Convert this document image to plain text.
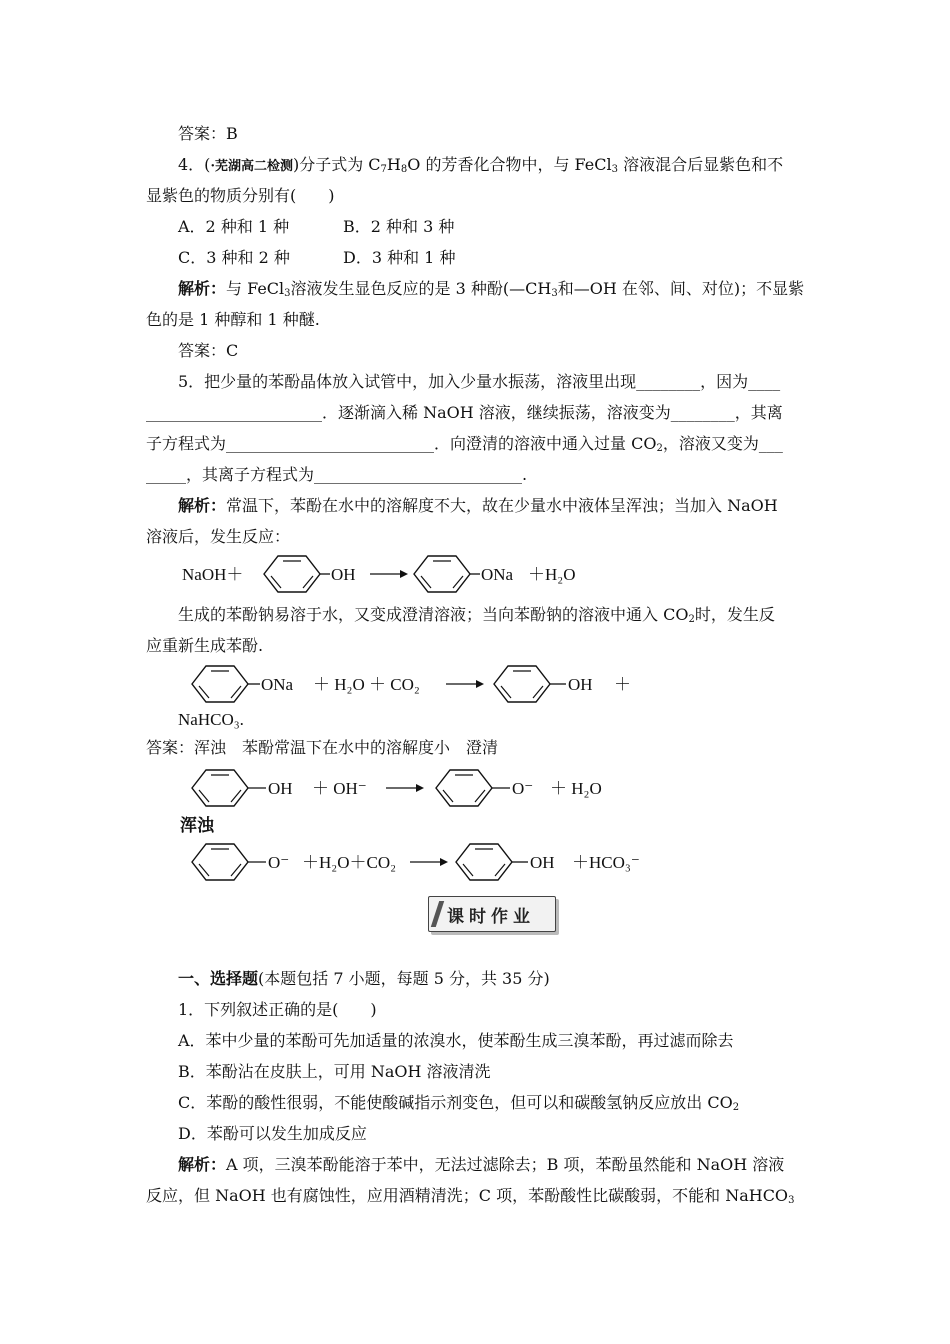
答案：B
4．(·芜湖高二检测)分子式为 $C_7H_8O$ 的芳香化合物中，与 FeCl$_3$ 溶液混合后显紫色和不
显紫色的物质分别有(　　)
A．2 种和 1 种	B．2 种和 3 种
C．3 种和 2 种	D．3 种和 1 种
解析：与 FeCl$_3$溶液发生显色反应的是 3 种酚($—CH_3$和—OH 在邻、间、对位)；不显紫
色的是 1 种醇和 1 种醚.
答案：C
5．把少量的苯酚晶体放入试管中，加入少量水振荡，溶液里出现________，因为____
______________________．逐渐滴入稀 NaOH 溶液，继续振荡，溶液变为________，其离
子方程式为__________________________．向澄清的溶液中通入过量 $CO_2$，溶液又变为___
_____，其离子方程式为__________________________.
解析：常温下，苯酚在水中的溶解度不大，故在少量水中液体呈浑浊；当加入 NaOH
溶液后，发生反应：
NaOH＋	OH	ONa ＋H₂O
生成的苯酚钠易溶于水，又变成澄清溶液；当向苯酚钠的溶液中通入 $CO_2$时，发生反
应重新生成苯酚.
ONa ＋ H₂O ＋ CO₂	OH ＋
NaHCO₃.
答案：浑浊　苯酚常温下在水中的溶解度小　澄清
OH ＋ OH⁻	O⁻ ＋ H₂O
浑浊
O⁻ ＋H₂O＋CO₂	OH ＋HCO₃⁻
课时作业
一、选择题(本题包括 7 小题，每题 5 分，共 35 分)
1．下列叙述正确的是(　　)
A．苯中少量的苯酚可先加适量的浓溴水，使苯酚生成三溴苯酚，再过滤而除去
B．苯酚沾在皮肤上，可用 NaOH 溶液清洗
C．苯酚的酸性很弱，不能使酸碱指示剂变色，但可以和碳酸氢钠反应放出 $CO_2$
D．苯酚可以发生加成反应
解析：A 项，三溴苯酚能溶于苯中，无法过滤除去；B 项，苯酚虽然能和 NaOH 溶液
反应，但 NaOH 也有腐蚀性，应用酒精清洗；C 项，苯酚酸性比碳酸弱，不能和 NaHCO$_3$
